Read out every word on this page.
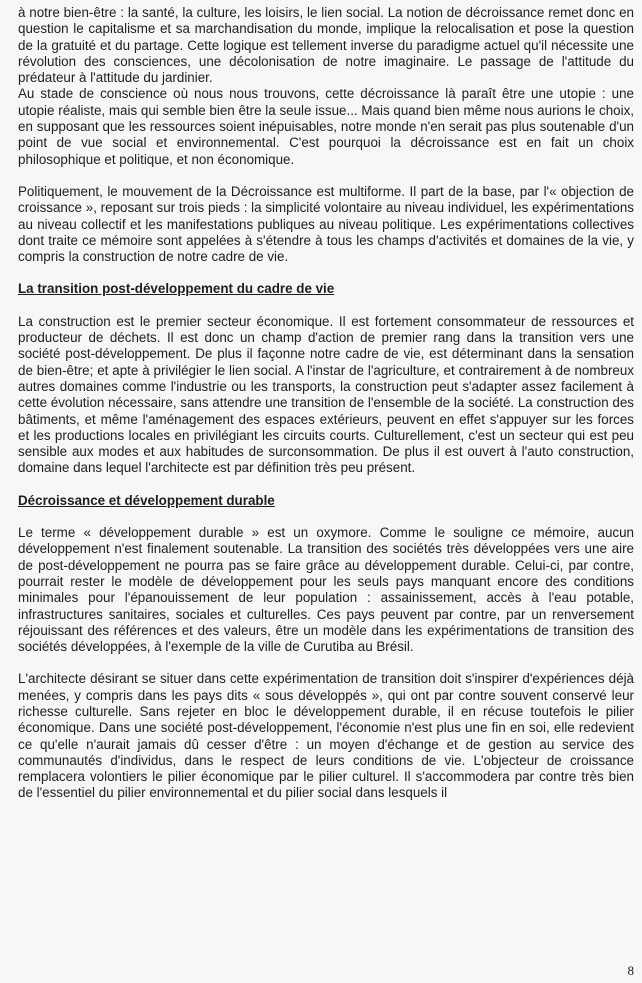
à notre bien-être : la santé, la culture, les loisirs, le lien social. La notion de décroissance remet donc en question le capitalisme et sa marchandisation du monde, implique la relocalisation et pose la question de la gratuité et du partage. Cette logique est tellement inverse du paradigme actuel qu'il nécessite une révolution des consciences, une décolonisation de notre imaginaire. Le passage de l'attitude du prédateur à l'attitude du jardinier.

Au stade de conscience où nous nous trouvons, cette décroissance là paraît être une utopie : une utopie réaliste, mais qui semble bien être la seule issue... Mais quand bien même nous aurions le choix, en supposant que les ressources soient inépuisables, notre monde n'en serait pas plus soutenable d'un point de vue social et environnemental. C'est pourquoi la décroissance est en fait un choix philosophique et politique, et non économique.

Politiquement, le mouvement de la Décroissance est multiforme. Il part de la base, par l'« objection de croissance », reposant sur trois pieds : la simplicité volontaire au niveau individuel, les expérimentations au niveau collectif et les manifestations publiques au niveau politique. Les expérimentations collectives dont traite ce mémoire sont appelées à s'étendre à tous les champs d'activités et domaines de la vie, y compris la construction de notre cadre de vie.

La transition post-développement du cadre de vie

La construction est le premier secteur économique. Il est fortement consommateur de ressources et producteur de déchets. Il est donc un champ d'action de premier rang dans la transition vers une société post-développement. De plus il façonne notre cadre de vie, est déterminant dans la sensation de bien-être; et apte à privilégier le lien social. A l'instar de l'agriculture, et contrairement à de nombreux autres domaines comme l'industrie ou les transports, la construction peut s'adapter assez facilement à cette évolution nécessaire, sans attendre une transition de l'ensemble de la société. La construction des bâtiments, et même l'aménagement des espaces extérieurs, peuvent en effet s'appuyer sur les forces et les productions locales en privilégiant les circuits courts. Culturellement, c'est un secteur qui est peu sensible aux modes et aux habitudes de surconsommation. De plus il est ouvert à l'auto construction, domaine dans lequel l'architecte est par définition très peu présent.

Décroissance et développement durable

Le terme « développement durable » est un oxymore. Comme le souligne ce mémoire, aucun développement n'est finalement soutenable. La transition des sociétés très développées vers une aire de post-développement ne pourra pas se faire grâce au développement durable. Celui-ci, par contre, pourrait rester le modèle de développement pour les seuls pays manquant encore des conditions minimales pour l'épanouissement de leur population : assainissement, accès à l'eau potable, infrastructures sanitaires, sociales et culturelles. Ces pays peuvent par contre, par un renversement réjouissant des références et des valeurs, être un modèle dans les expérimentations de transition des sociétés développées, à l'exemple de la ville de Curutiba au Brésil.

L'architecte désirant se situer dans cette expérimentation de transition doit s'inspirer d'expériences déjà menées, y compris dans les pays dits « sous développés », qui ont par contre souvent conservé leur richesse culturelle. Sans rejeter en bloc le développement durable, il en récuse toutefois le pilier économique. Dans une société post-développement, l'économie n'est plus une fin en soi, elle redevient ce qu'elle n'aurait jamais dû cesser d'être : un moyen d'échange et de gestion au service des communautés d'individus, dans le respect de leurs conditions de vie. L'objecteur de croissance remplacera volontiers le pilier économique par le pilier culturel. Il s'accommodera par contre très bien de l'essentiel du pilier environnemental et du pilier social dans lesquels il

8
